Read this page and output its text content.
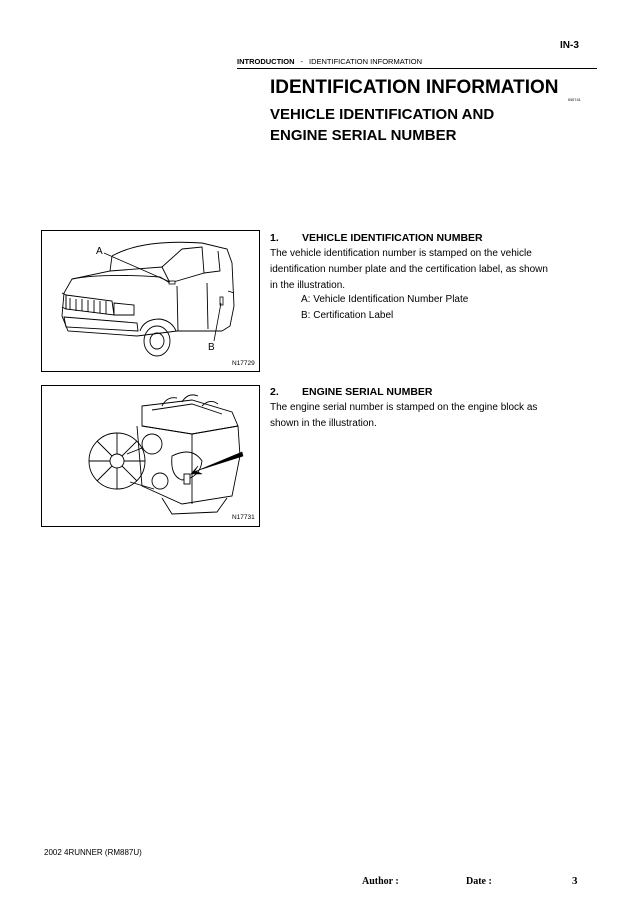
IN-3
INTRODUCTION - IDENTIFICATION INFORMATION
IDENTIFICATION INFORMATION
IN0741
VEHICLE IDENTIFICATION AND
ENGINE SERIAL NUMBER
A
B
N17729
N17731
1. VEHICLE IDENTIFICATION NUMBER
The vehicle identification number is stamped on the vehicle
identification number plate and the certification label, as shown
in the illustration.
A: Vehicle Identification Number Plate
B: Certification Label
2. ENGINE SERIAL NUMBER
The engine serial number is stamped on the engine block as
shown in the illustration.
2002 4RUNNER (RM887U)
Author :	Date :	3
